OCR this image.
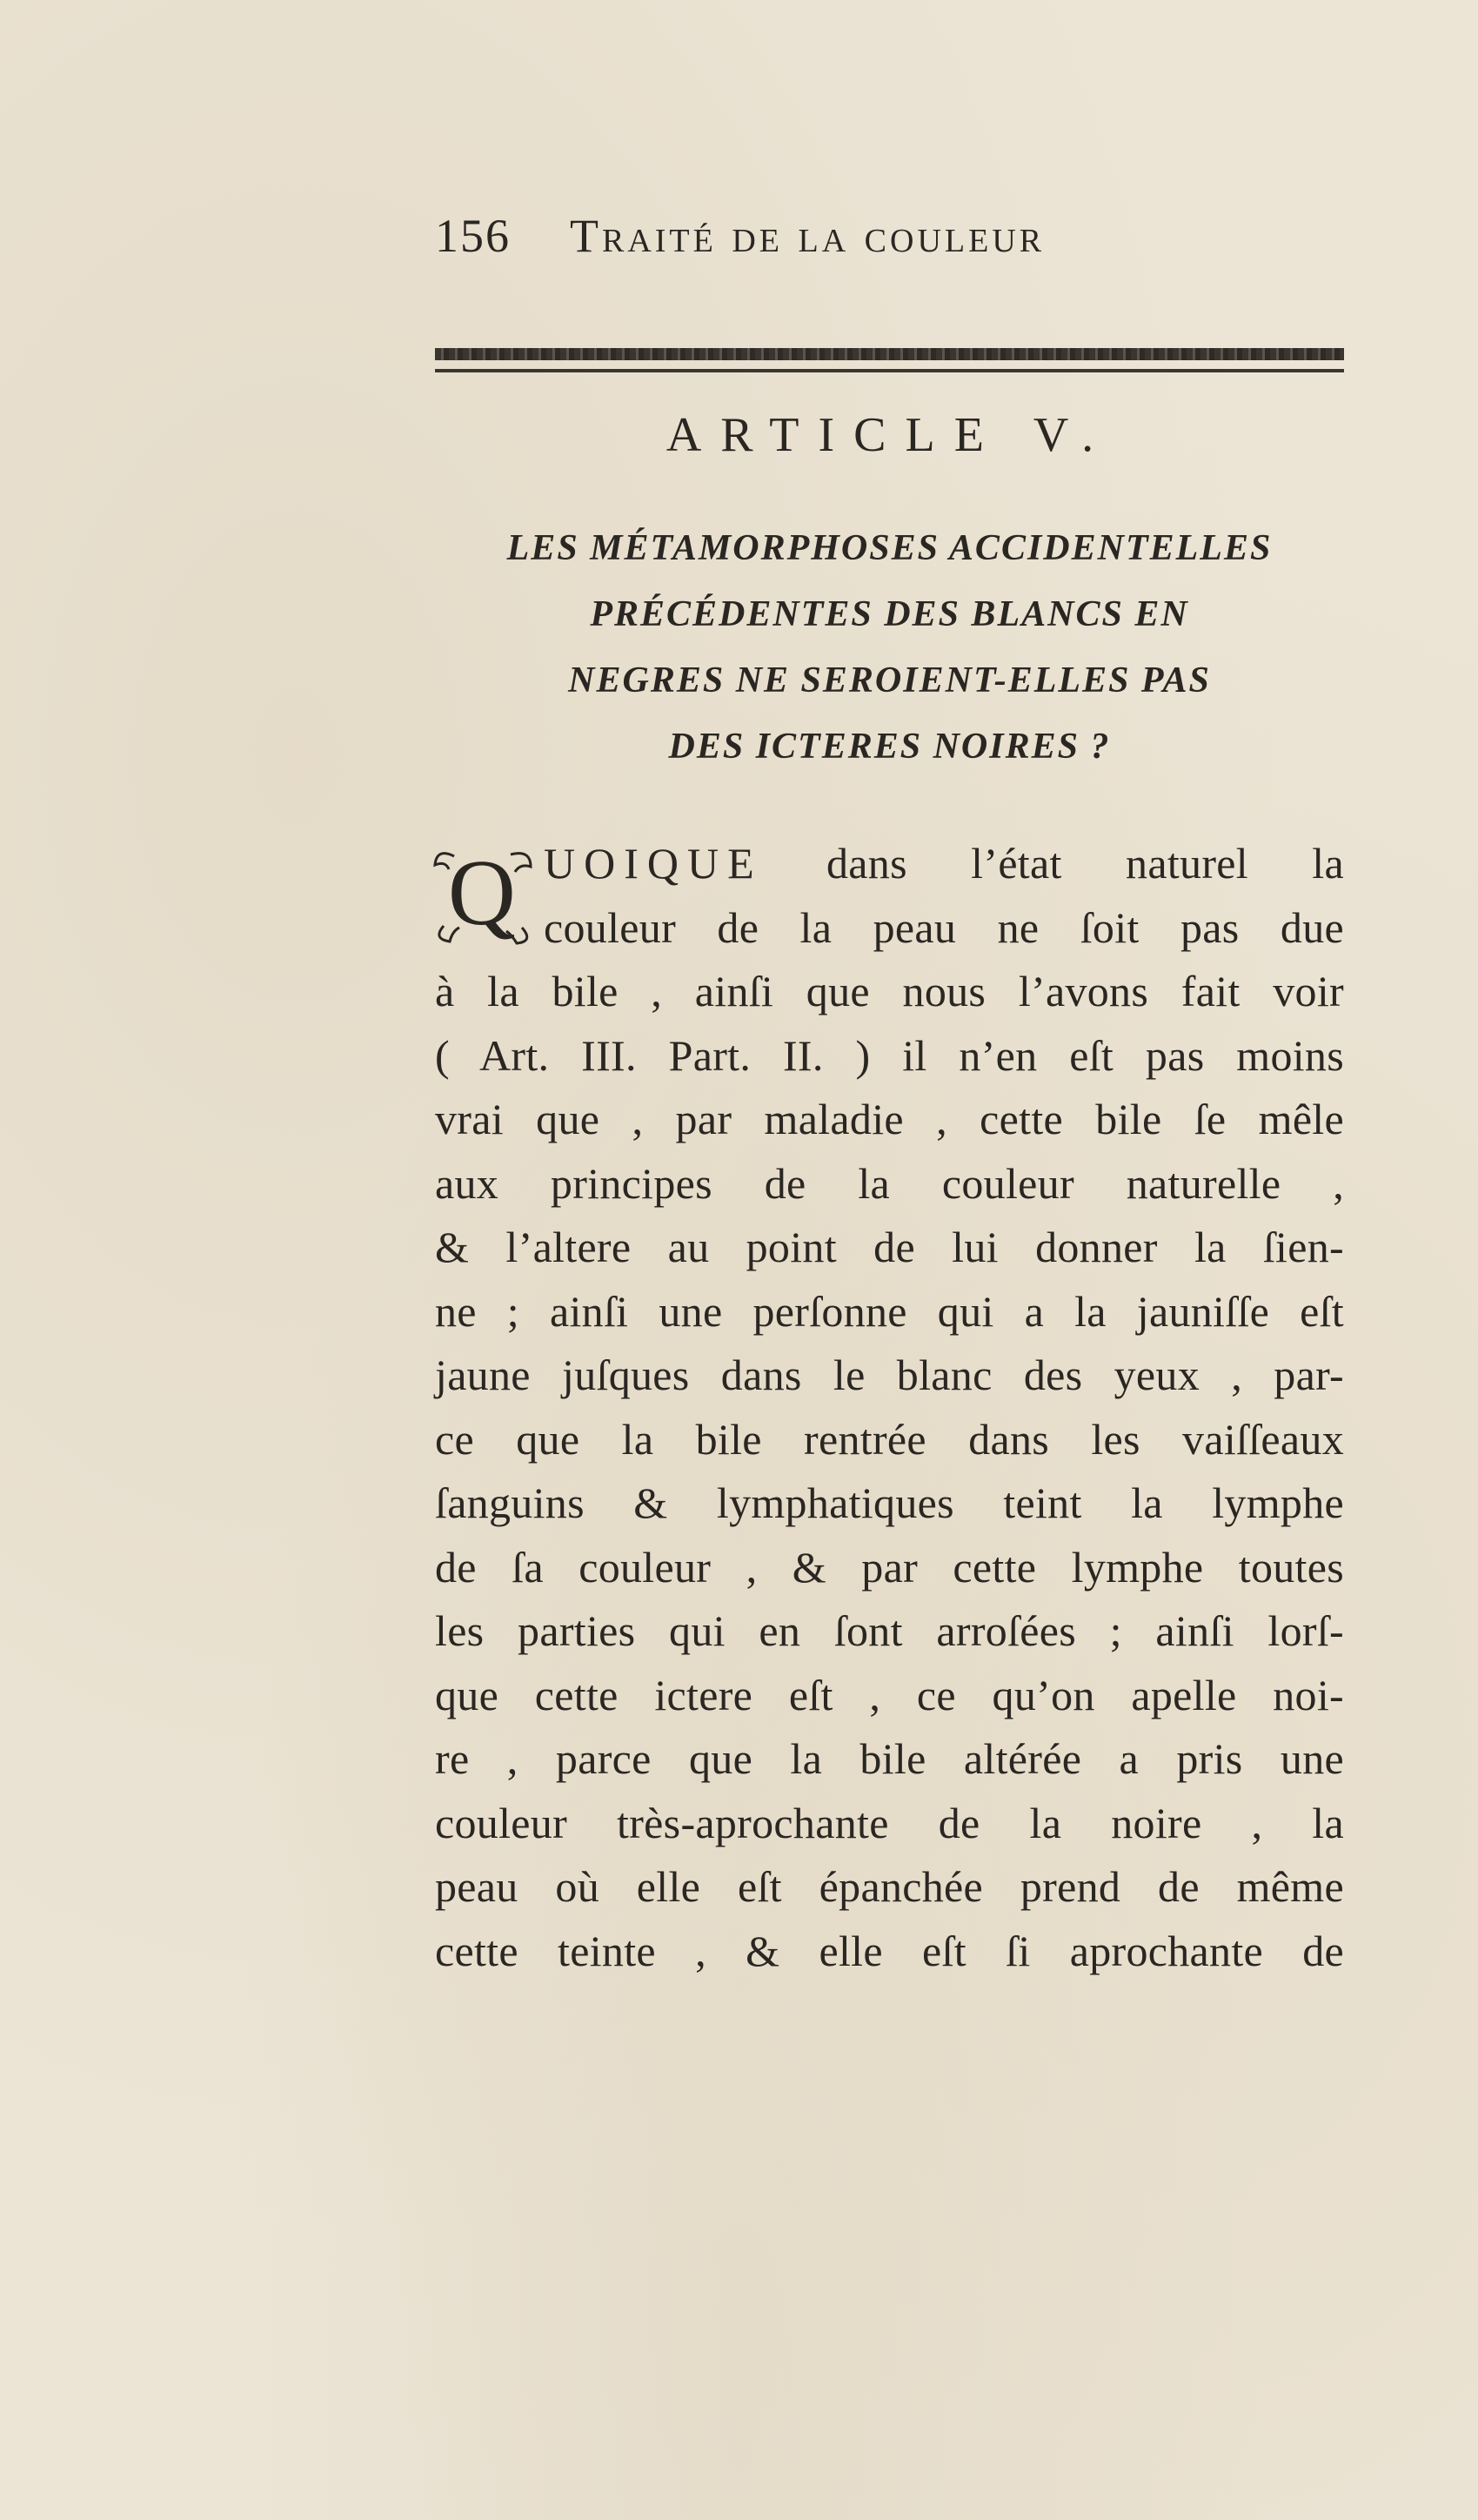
156 Traité de la couleur
ARTICLE V.
LES MÉTAMORPHOSES ACCIDENTELLES
PRÉCÉDENTES DES BLANCS EN
NEGRES NE SEROIENT-ELLES PAS
DES ICTERES NOIRES ?
Q UOIQUE dans l’état naturel la
couleur de la peau ne ſoit pas due
à la bile , ainſi que nous l’avons fait voir
( Art. III. Part. II. ) il n’en eſt pas moins
vrai que , par maladie , cette bile ſe mêle
aux principes de la couleur naturelle ,
& l’altere au point de lui donner la ſien-
ne ; ainſi une perſonne qui a la jauniſſe eſt
jaune juſques dans le blanc des yeux , par-
ce que la bile rentrée dans les vaiſſeaux
ſanguins & lymphatiques teint la lymphe
de ſa couleur , & par cette lymphe toutes
les parties qui en ſont arroſées ; ainſi lorſ-
que cette ictere eſt , ce qu’on apelle noi-
re , parce que la bile altérée a pris une
couleur très-aprochante de la noire , la
peau où elle eſt épanchée prend de même
cette teinte , & elle eſt ſi aprochante de
